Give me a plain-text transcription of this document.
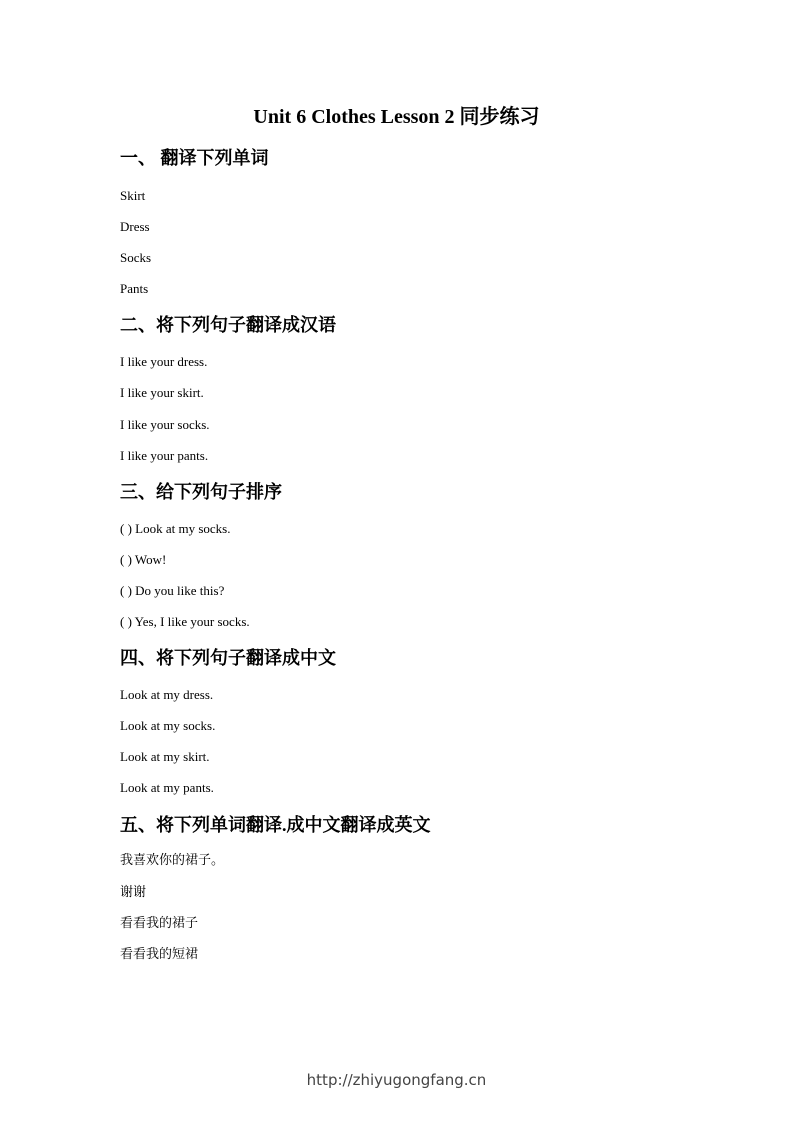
Unit 6 Clothes Lesson 2 同步练习
一、 翻译下列单词
Skirt
Dress
Socks
Pants
二、将下列句子翻译成汉语
I like your dress.
I like your skirt.
I like your socks.
I like your pants.
三、给下列句子排序
( ) Look at my socks.
( ) Wow!
( ) Do you like this?
( ) Yes, I like your socks.
四、将下列句子翻译成中文
Look at my dress.
Look at my socks.
Look at my skirt.
Look at my pants.
五、将下列单词翻译.成中文翻译成英文
我喜欢你的裙子。
谢谢
看看我的裙子
看看我的短裙
http://zhiyugongfang.cn
